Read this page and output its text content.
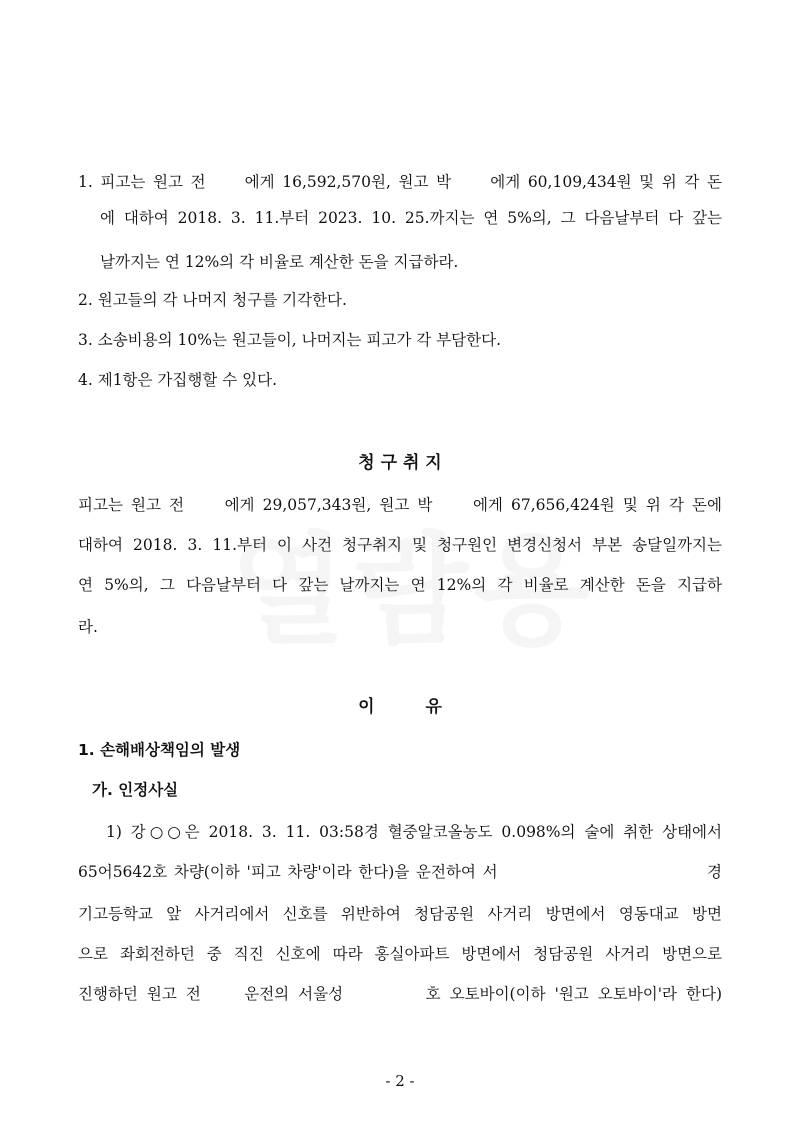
1. 피고는 원고 전　　에게 16,592,570원, 원고 박　　에게 60,109,434원 및 위 각 돈
에 대하여 2018. 3. 11.부터 2023. 10. 25.까지는 연 5%의, 그 다음날부터 다 갚는
날까지는 연 12%의 각 비율로 계산한 돈을 지급하라.
2. 원고들의 각 나머지 청구를 기각한다.
3. 소송비용의 10%는 원고들이, 나머지는 피고가 각 부담한다.
4. 제1항은 가집행할 수 있다.
청 구 취 지
피고는 원고 전　　에게 29,057,343원, 원고 박　　에게 67,656,424원 및 위 각 돈에
대하여 2018. 3. 11.부터 이 사건 청구취지 및 청구원인 변경신청서 부본 송달일까지는
연 5%의, 그 다음날부터 다 갚는 날까지는 연 12%의 각 비율로 계산한 돈을 지급하
라.
이　　　유
1. 손해배상책임의 발생
가. 인정사실
1) 강○○은 2018. 3. 11. 03:58경 혈중알코올농도 0.098%의 술에 취한 상태에서
65어5642호 차량(이하 '피고 차량'이라 한다)을 운전하여 서　　　　　　　　　　　　경
기고등학교 앞 사거리에서 신호를 위반하여 청담공원 사거리 방면에서 영동대교 방면
으로 좌회전하던 중 직진 신호에 따라 홍실아파트 방면에서 청담공원 사거리 방면으로
진행하던 원고 전　　운전의 서울성　　　　호 오토바이(이하 '원고 오토바이'라 한다)
- 2 -
